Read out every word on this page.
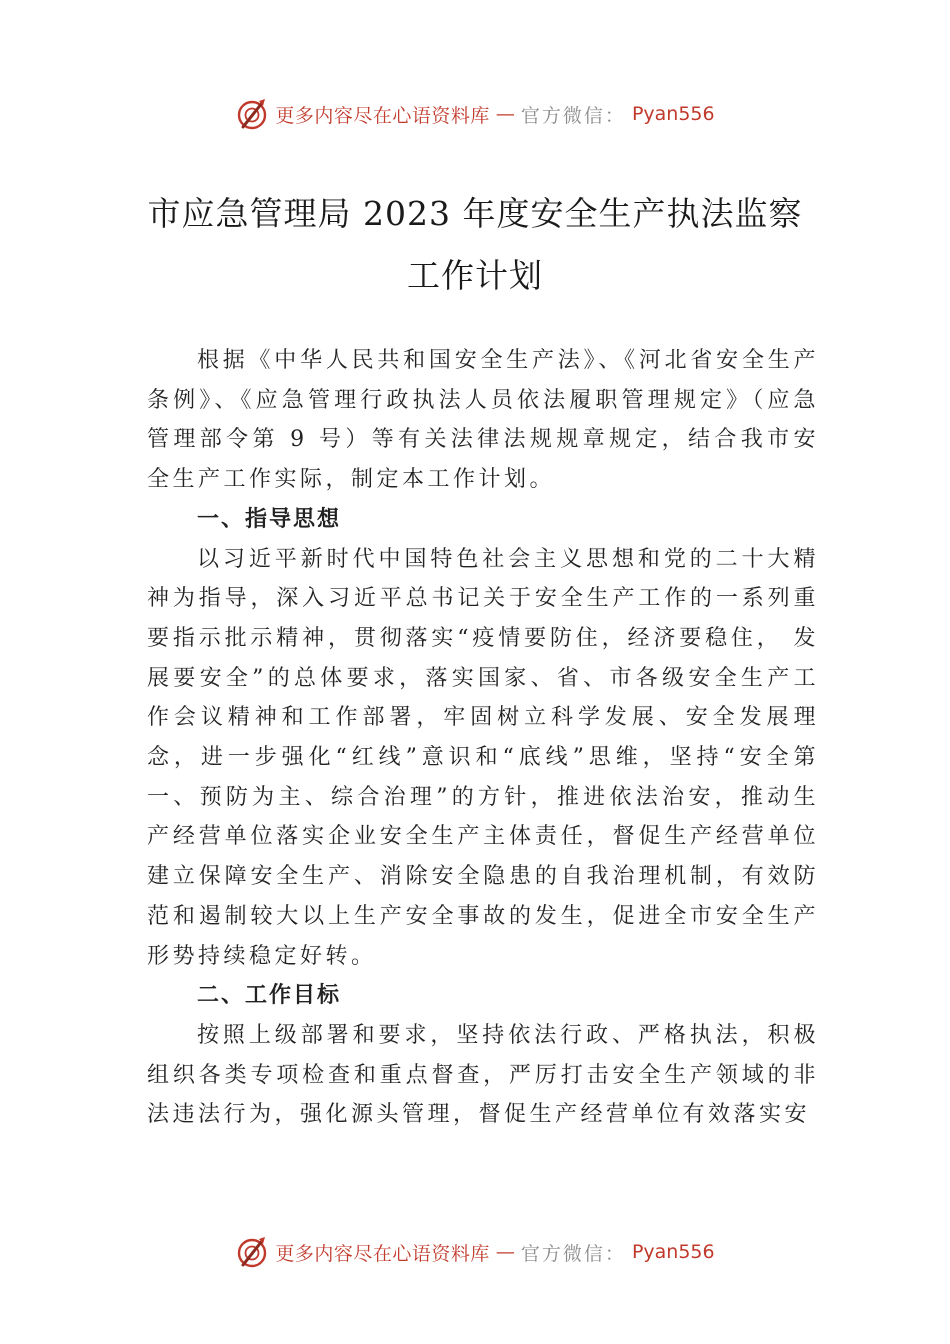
更多内容尽在心语资料库 — 官方微信： Pyan556
市应急管理局 2023 年度安全生产执法监察
工作计划

根据《中华人民共和国安全生产法》、《河北省安全生产条例》、《应急管理行政执法人员依法履职管理规定》（应急管理部令第 9 号）等有关法律法规规章规定，结合我市安全生产工作实际，制定本工作计划。

一、指导思想

以习近平新时代中国特色社会主义思想和党的二十大精神为指导，深入习近平总书记关于安全生产工作的一系列重要指示批示精神，贯彻落实“疫情要防住，经济要稳住， 发展要安全”的总体要求，落实国家、省、市各级安全生产工作会议精神和工作部署，牢固树立科学发展、安全发展理念，进一步强化“红线”意识和“底线”思维，坚持“安全第一、预防为主、综合治理”的方针，推进依法治安，推动生产经营单位落实企业安全生产主体责任，督促生产经营单位建立保障安全生产、消除安全隐患的自我治理机制，有效防范和遏制较大以上生产安全事故的发生，促进全市安全生产形势持续稳定好转。

二、工作目标

按照上级部署和要求，坚持依法行政、严格执法，积极组织各类专项检查和重点督查，严厉打击安全生产领域的非法违法行为，强化源头管理，督促生产经营单位有效落实安

更多内容尽在心语资料库 — 官方微信： Pyan556
